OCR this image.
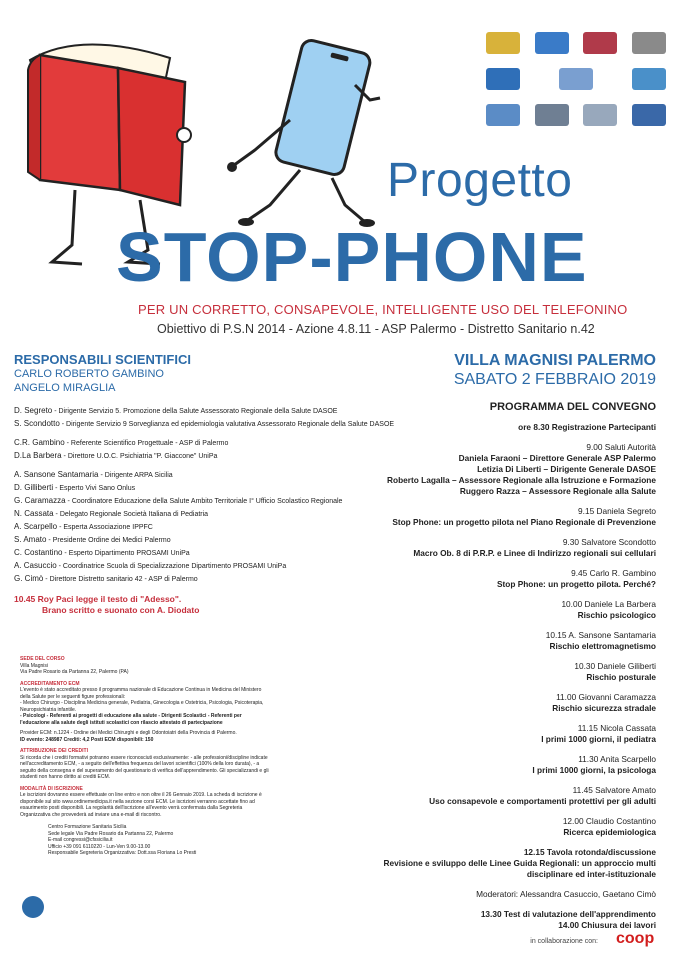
Progetto
STOP-PHONE
PER UN CORRETTO, CONSAPEVOLE, INTELLIGENTE USO DEL TELEFONINO
Obiettivo di P.S.N 2014 - Azione 4.8.11 - ASP Palermo - Distretto Sanitario n.42
RESPONSABILI SCIENTIFICI
CARLO ROBERTO GAMBINO
ANGELO MIRAGLIA
D. Segreto - Dirigente Servizio 5. Promozione della Salute Assessorato Regionale della Salute DASOE
S. Scondotto - Dirigente Servizio 9 Sorveglianza ed epidemiologia valutativa Assessorato Regionale della Salute DASOE
C.R. Gambino - Referente Scientifico Progettuale - ASP di Palermo
D.La Barbera - Direttore U.O.C. Psichiatria "P. Giaccone" UniPa
A. Sansone Santamaria - Dirigente ARPA Sicilia
D. Gilliberti - Esperto Vivi Sano Onlus
G. Caramazza - Coordinatore Educazione della Salute Ambito Territoriale I° Ufficio Scolastico Regionale
N. Cassata - Delegato Regionale Società Italiana di Pediatria
A. Scarpello - Esperta Associazione IPPFC
S. Amato - Presidente Ordine dei Medici Palermo
C. Costantino - Esperto Dipartimento PROSAMI UniPa
A. Casuccio - Coordinatrice Scuola di Specializzazione Dipartimento PROSAMI UniPa
G. Cimò - Direttore Distretto sanitario 42 - ASP di Palermo
10.45 Roy Paci legge il testo di "Adesso".
Brano scritto e suonato con A. Diodato
SEDE DEL CORSO
Villa Magnisi
Via Padre Rosario da Partanna 22, Palermo (PA)
ACCREDITAMENTO ECM
L'evento è stato accreditato presso il programma nazionale di Educazione Continua in Medicina del Ministero della Salute per le seguenti figure professionali:
- Medico Chirurgo - Disciplina Medicina generale, Pediatria, Ginecologia e Ostetricia, Psicologia, Psicoterapia, Neuropsichiatria infantile.
- Psicologi - Referenti ai progetti di educazione alla salute - Dirigenti Scolastici - Referenti per l'educazione alla salute degli istituti scolastici con rilascio attestato di partecipazione
Provider ECM: n.1224 - Ordine dei Medici Chirurghi e degli Odontoiatri della Provincia di Palermo.
ID evento: 248987 Crediti: 4,2 Posti ECM disponibili: 150
ATTRIBUZIONE DEI CREDITI
Si ricorda che i crediti formativi potranno essere riconosciuti esclusivamente: - alle professioni/discipline indicate nell'accreditamento ECM, - a seguito dell'effettiva frequenza del lavori scientifici (100% della loro durata), - a seguito della consegna e del superamento del questionario di verifica dell'apprendimento. Gli specializzandi e gli studenti non hanno diritto ai crediti ECM.
MODALITÀ DI ISCRIZIONE
Le iscrizioni dovranno essere effettuate on line entro e non oltre il 26 Gennaio 2019. La scheda di iscrizione è disponibile sul sito www.ordinemedicipa.it nella sezione corsi ECM. Le iscrizioni verranno accettate fino ad esaurimento posti disponibili. La regolarità dell'iscrizione all'evento verrà confermata dalla Segreteria Organizzativa che provvederà ad inviare una e-mail di riscontro.
Centro Formazione Sanitaria Sicilia
Sede legale Via Padre Rosario da Partanna 22, Palermo
E-mail congressi@cfssicilia.it
Ufficio +39 091 6110220 - Lun-Ven 9.00-13.00
Responsabile Segreteria Organizzativa: Dott.ssa Floriana Lo Presti
VILLA MAGNISI PALERMO
SABATO 2 FEBBRAIO 2019
PROGRAMMA DEL CONVEGNO
ore 8.30 Registrazione Partecipanti
9.00 Saluti Autorità
Daniela Faraoni – Direttore Generale ASP Palermo
Letizia Di Liberti – Dirigente Generale DASOE
Roberto Lagalla – Assessore Regionale alla Istruzione e Formazione
Ruggero Razza – Assessore Regionale alla Salute
9.15 Daniela Segreto
Stop Phone: un progetto pilota nel Piano Regionale di Prevenzione
9.30 Salvatore Scondotto
Macro Ob. 8 di P.R.P. e Linee di Indirizzo regionali sui cellulari
9.45 Carlo R. Gambino
Stop Phone: un progetto pilota. Perché?
10.00 Daniele La Barbera
Rischio psicologico
10.15 A. Sansone Santamaria
Rischio elettromagnetismo
10.30 Daniele Giliberti
Rischio posturale
11.00 Giovanni Caramazza
Rischio sicurezza stradale
11.15 Nicola Cassata
I primi 1000 giorni, il pediatra
11.30 Anita Scarpello
I primi 1000 giorni, la psicologa
11.45 Salvatore Amato
Uso consapevole e comportamenti protettivi per gli adulti
12.00 Claudio Costantino
Ricerca epidemiologica
12.15 Tavola rotonda/discussione
Revisione e sviluppo delle Linee Guida Regionali: un approccio multi
disciplinare ed inter-istituzionale
Moderatori: Alessandra Casuccio, Gaetano Cimò
13.30 Test di valutazione dell'apprendimento
14.00 Chiusura dei lavori
in collaborazione con: coop
